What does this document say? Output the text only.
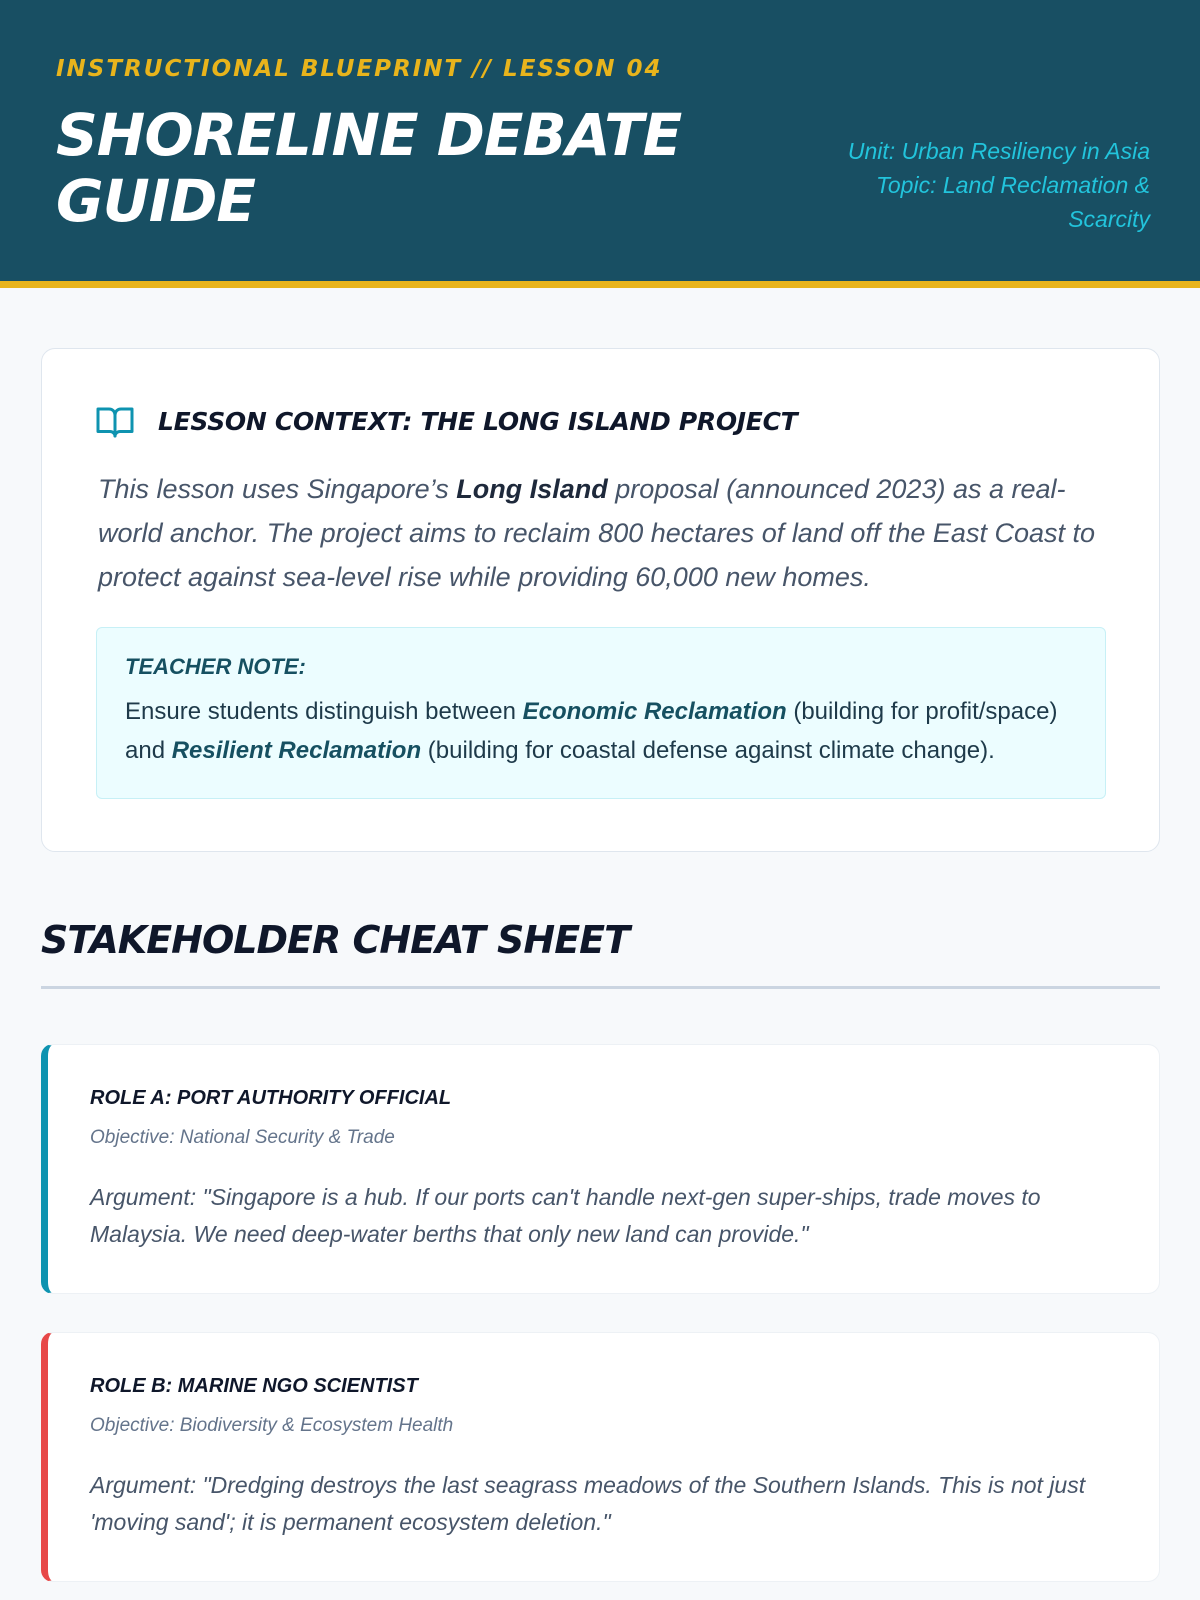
INSTRUCTIONAL BLUEPRINT // LESSON 04
SHORELINE DEBATE GUIDE
Unit: Urban Resiliency in Asia
Topic: Land Reclamation & Scarcity
LESSON CONTEXT: THE LONG ISLAND PROJECT

This lesson uses Singapore’s Long Island proposal (announced 2023) as a real-world anchor. The project aims to reclaim 800 hectares of land off the East Coast to protect against sea-level rise while providing 60,000 new homes.

TEACHER NOTE:
Ensure students distinguish between Economic Reclamation (building for profit/space) and Resilient Reclamation (building for coastal defense against climate change).
STAKEHOLDER CHEAT SHEET
ROLE A: PORT AUTHORITY OFFICIAL
Objective: National Security & Trade
Argument: "Singapore is a hub. If our ports can't handle next-gen super-ships, trade moves to Malaysia. We need deep-water berths that only new land can provide."
ROLE B: MARINE NGO SCIENTIST
Objective: Biodiversity & Ecosystem Health
Argument: "Dredging destroys the last seagrass meadows of the Southern Islands. This is not just 'moving sand'; it is permanent ecosystem deletion."
